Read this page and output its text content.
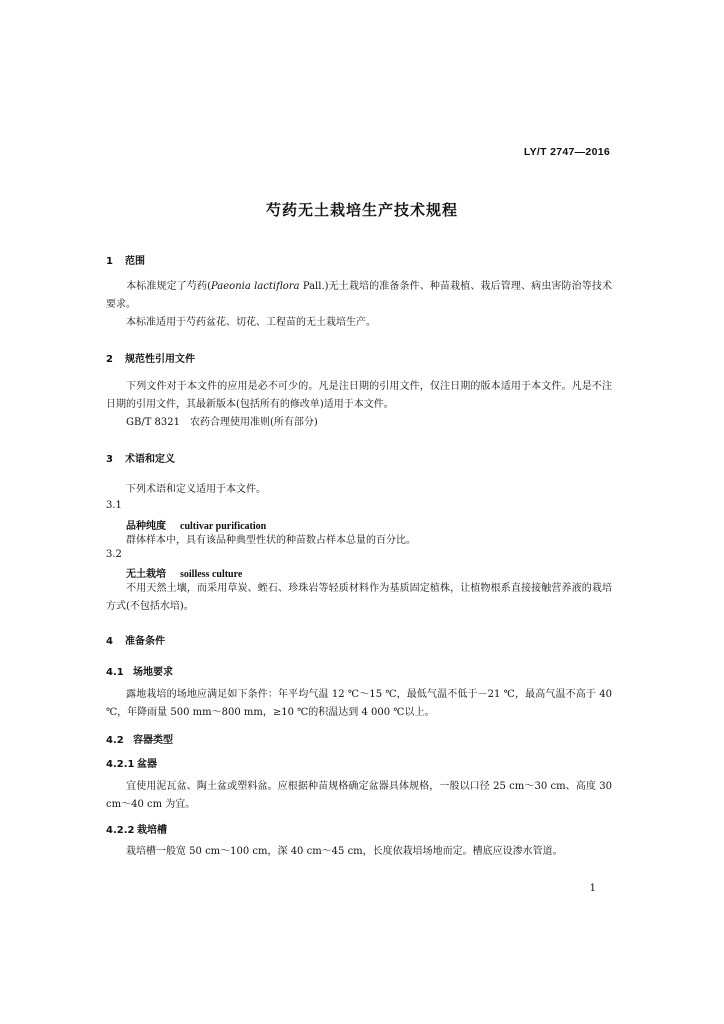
LY/T 2747—2016
芍药无土栽培生产技术规程
1 范围
本标准规定了芍药(Paeonia lactiflora Pall.)无土栽培的准备条件、种苗栽植、栽后管理、病虫害防治等技术要求。
本标准适用于芍药盆花、切花、工程苗的无土栽培生产。
2 规范性引用文件
下列文件对于本文件的应用是必不可少的。凡是注日期的引用文件，仅注日期的版本适用于本文件。凡是不注日期的引用文件，其最新版本(包括所有的修改单)适用于本文件。
GB/T 8321　农药合理使用准则(所有部分)
3 术语和定义
下列术语和定义适用于本文件。
3.1
品种纯度 cultivar purification
群体样本中，具有该品种典型性状的种苗数占样本总量的百分比。
3.2
无土栽培 soilless culture
不用天然土壤，而采用草炭、蛭石、珍珠岩等轻质材料作为基质固定植株，让植物根系直接接触营养液的栽培方式(不包括水培)。
4 准备条件
4.1 场地要求
露地栽培的场地应满足如下条件：年平均气温 12 ℃～15 ℃，最低气温不低于－21 ℃，最高气温不高于 40 ℃，年降雨量 500 mm～800 mm，≥10 ℃的积温达到 4 000 ℃以上。
4.2 容器类型
4.2.1 盆器
宜使用泥瓦盆、陶土盆或塑料盆。应根据种苗规格确定盆器具体规格，一般以口径 25 cm～30 cm、高度 30 cm～40 cm 为宜。
4.2.2 栽培槽
栽培槽一般宽 50 cm～100 cm，深 40 cm～45 cm，长度依栽培场地而定。槽底应设渗水管道。
1
